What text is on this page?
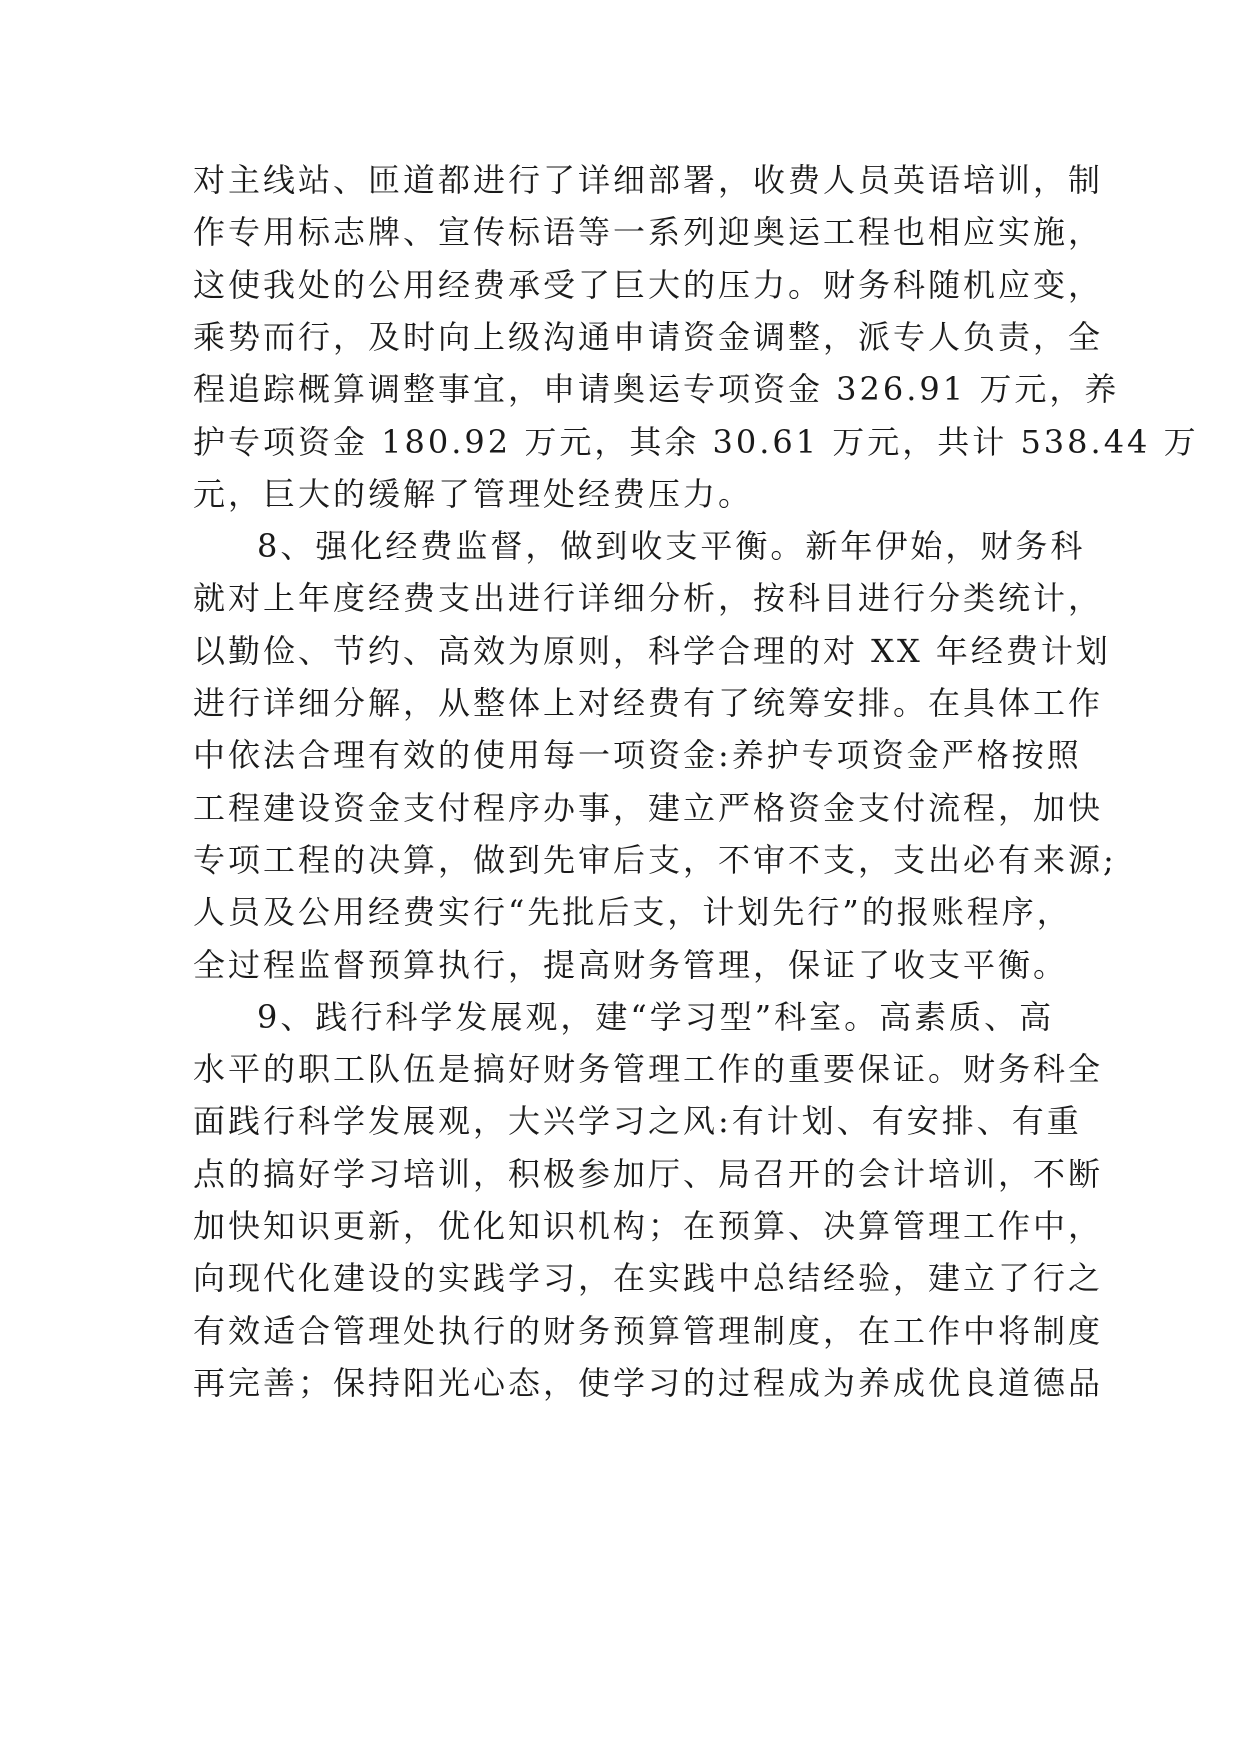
对主线站、匝道都进行了详细部署，收费人员英语培训，制
作专用标志牌、宣传标语等一系列迎奥运工程也相应实施，
这使我处的公用经费承受了巨大的压力。财务科随机应变，
乘势而行，及时向上级沟通申请资金调整，派专人负责，全
程追踪概算调整事宜，申请奥运专项资金 326.91 万元，养
护专项资金 180.92 万元，其余 30.61 万元，共计 538.44 万
元，巨大的缓解了管理处经费压力。
8、强化经费监督，做到收支平衡。新年伊始，财务科
就对上年度经费支出进行详细分析，按科目进行分类统计，
以勤俭、节约、高效为原则，科学合理的对 XX 年经费计划
进行详细分解，从整体上对经费有了统筹安排。在具体工作
中依法合理有效的使用每一项资金:养护专项资金严格按照
工程建设资金支付程序办事，建立严格资金支付流程，加快
专项工程的决算，做到先审后支，不审不支，支出必有来源;
人员及公用经费实行“先批后支，计划先行”的报账程序，
全过程监督预算执行，提高财务管理，保证了收支平衡。
9、践行科学发展观，建“学习型”科室。高素质、高
水平的职工队伍是搞好财务管理工作的重要保证。财务科全
面践行科学发展观，大兴学习之风:有计划、有安排、有重
点的搞好学习培训，积极参加厅、局召开的会计培训，不断
加快知识更新，优化知识机构；在预算、决算管理工作中，
向现代化建设的实践学习，在实践中总结经验，建立了行之
有效适合管理处执行的财务预算管理制度，在工作中将制度
再完善；保持阳光心态，使学习的过程成为养成优良道德品
